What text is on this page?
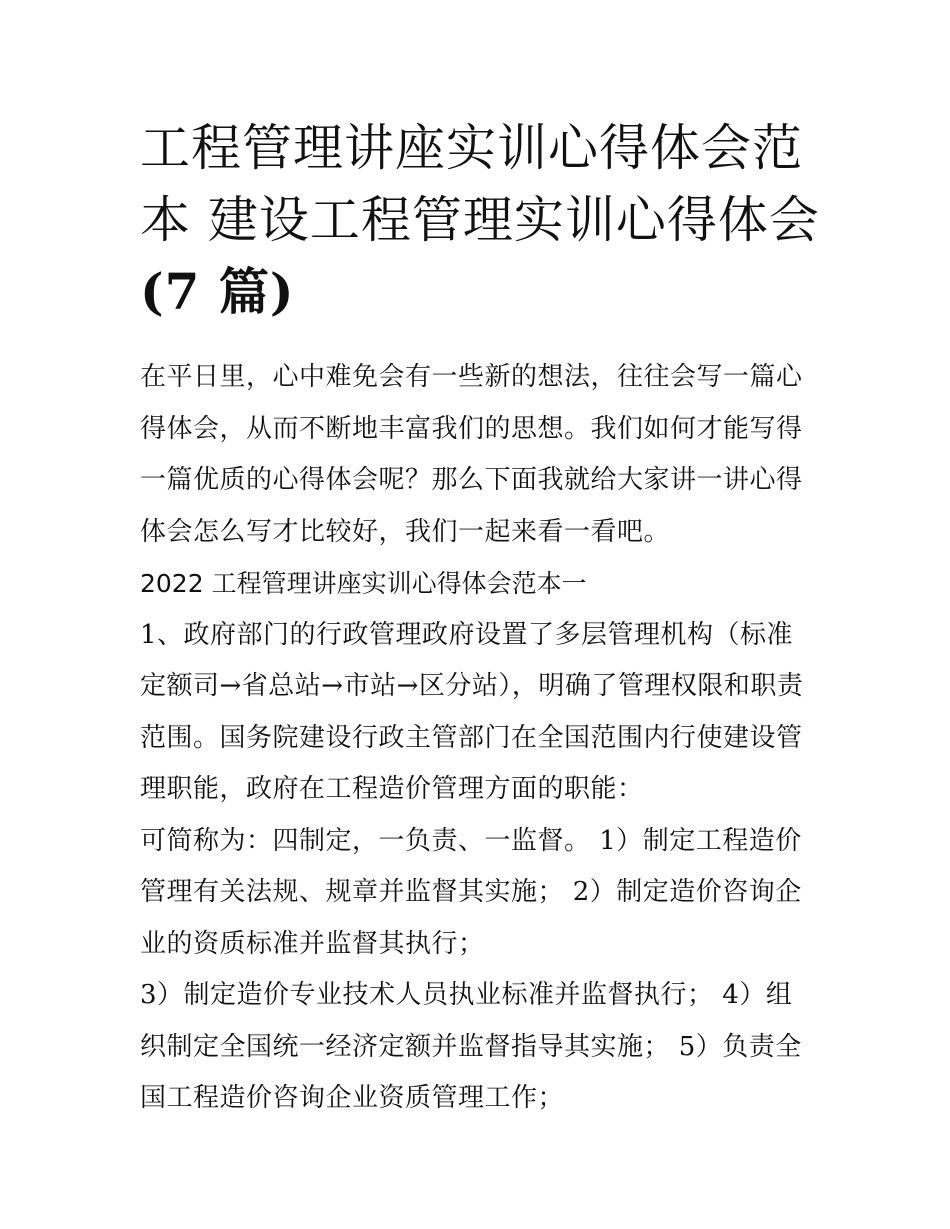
工程管理讲座实训心得体会范
本 建设工程管理实训心得体会
(7 篇)

在平日里，心中难免会有一些新的想法，往往会写一篇心得体会，从而不断地丰富我们的思想。我们如何才能写得一篇优质的心得体会呢？那么下面我就给大家讲一讲心得体会怎么写才比较好，我们一起来看一看吧。

2022 工程管理讲座实训心得体会范本一

1、政府部门的行政管理政府设置了多层管理机构（标准定额司→省总站→市站→区分站），明确了管理权限和职责范围。国务院建设行政主管部门在全国范围内行使建设管理职能，政府在工程造价管理方面的职能：

可简称为：四制定，一负责、一监督。 1）制定工程造价管理有关法规、规章并监督其实施； 2）制定造价咨询企业的资质标准并监督其执行；

3）制定造价专业技术人员执业标准并监督执行； 4）组织制定全国统一经济定额并监督指导其实施； 5）负责全国工程造价咨询企业资质管理工作；
